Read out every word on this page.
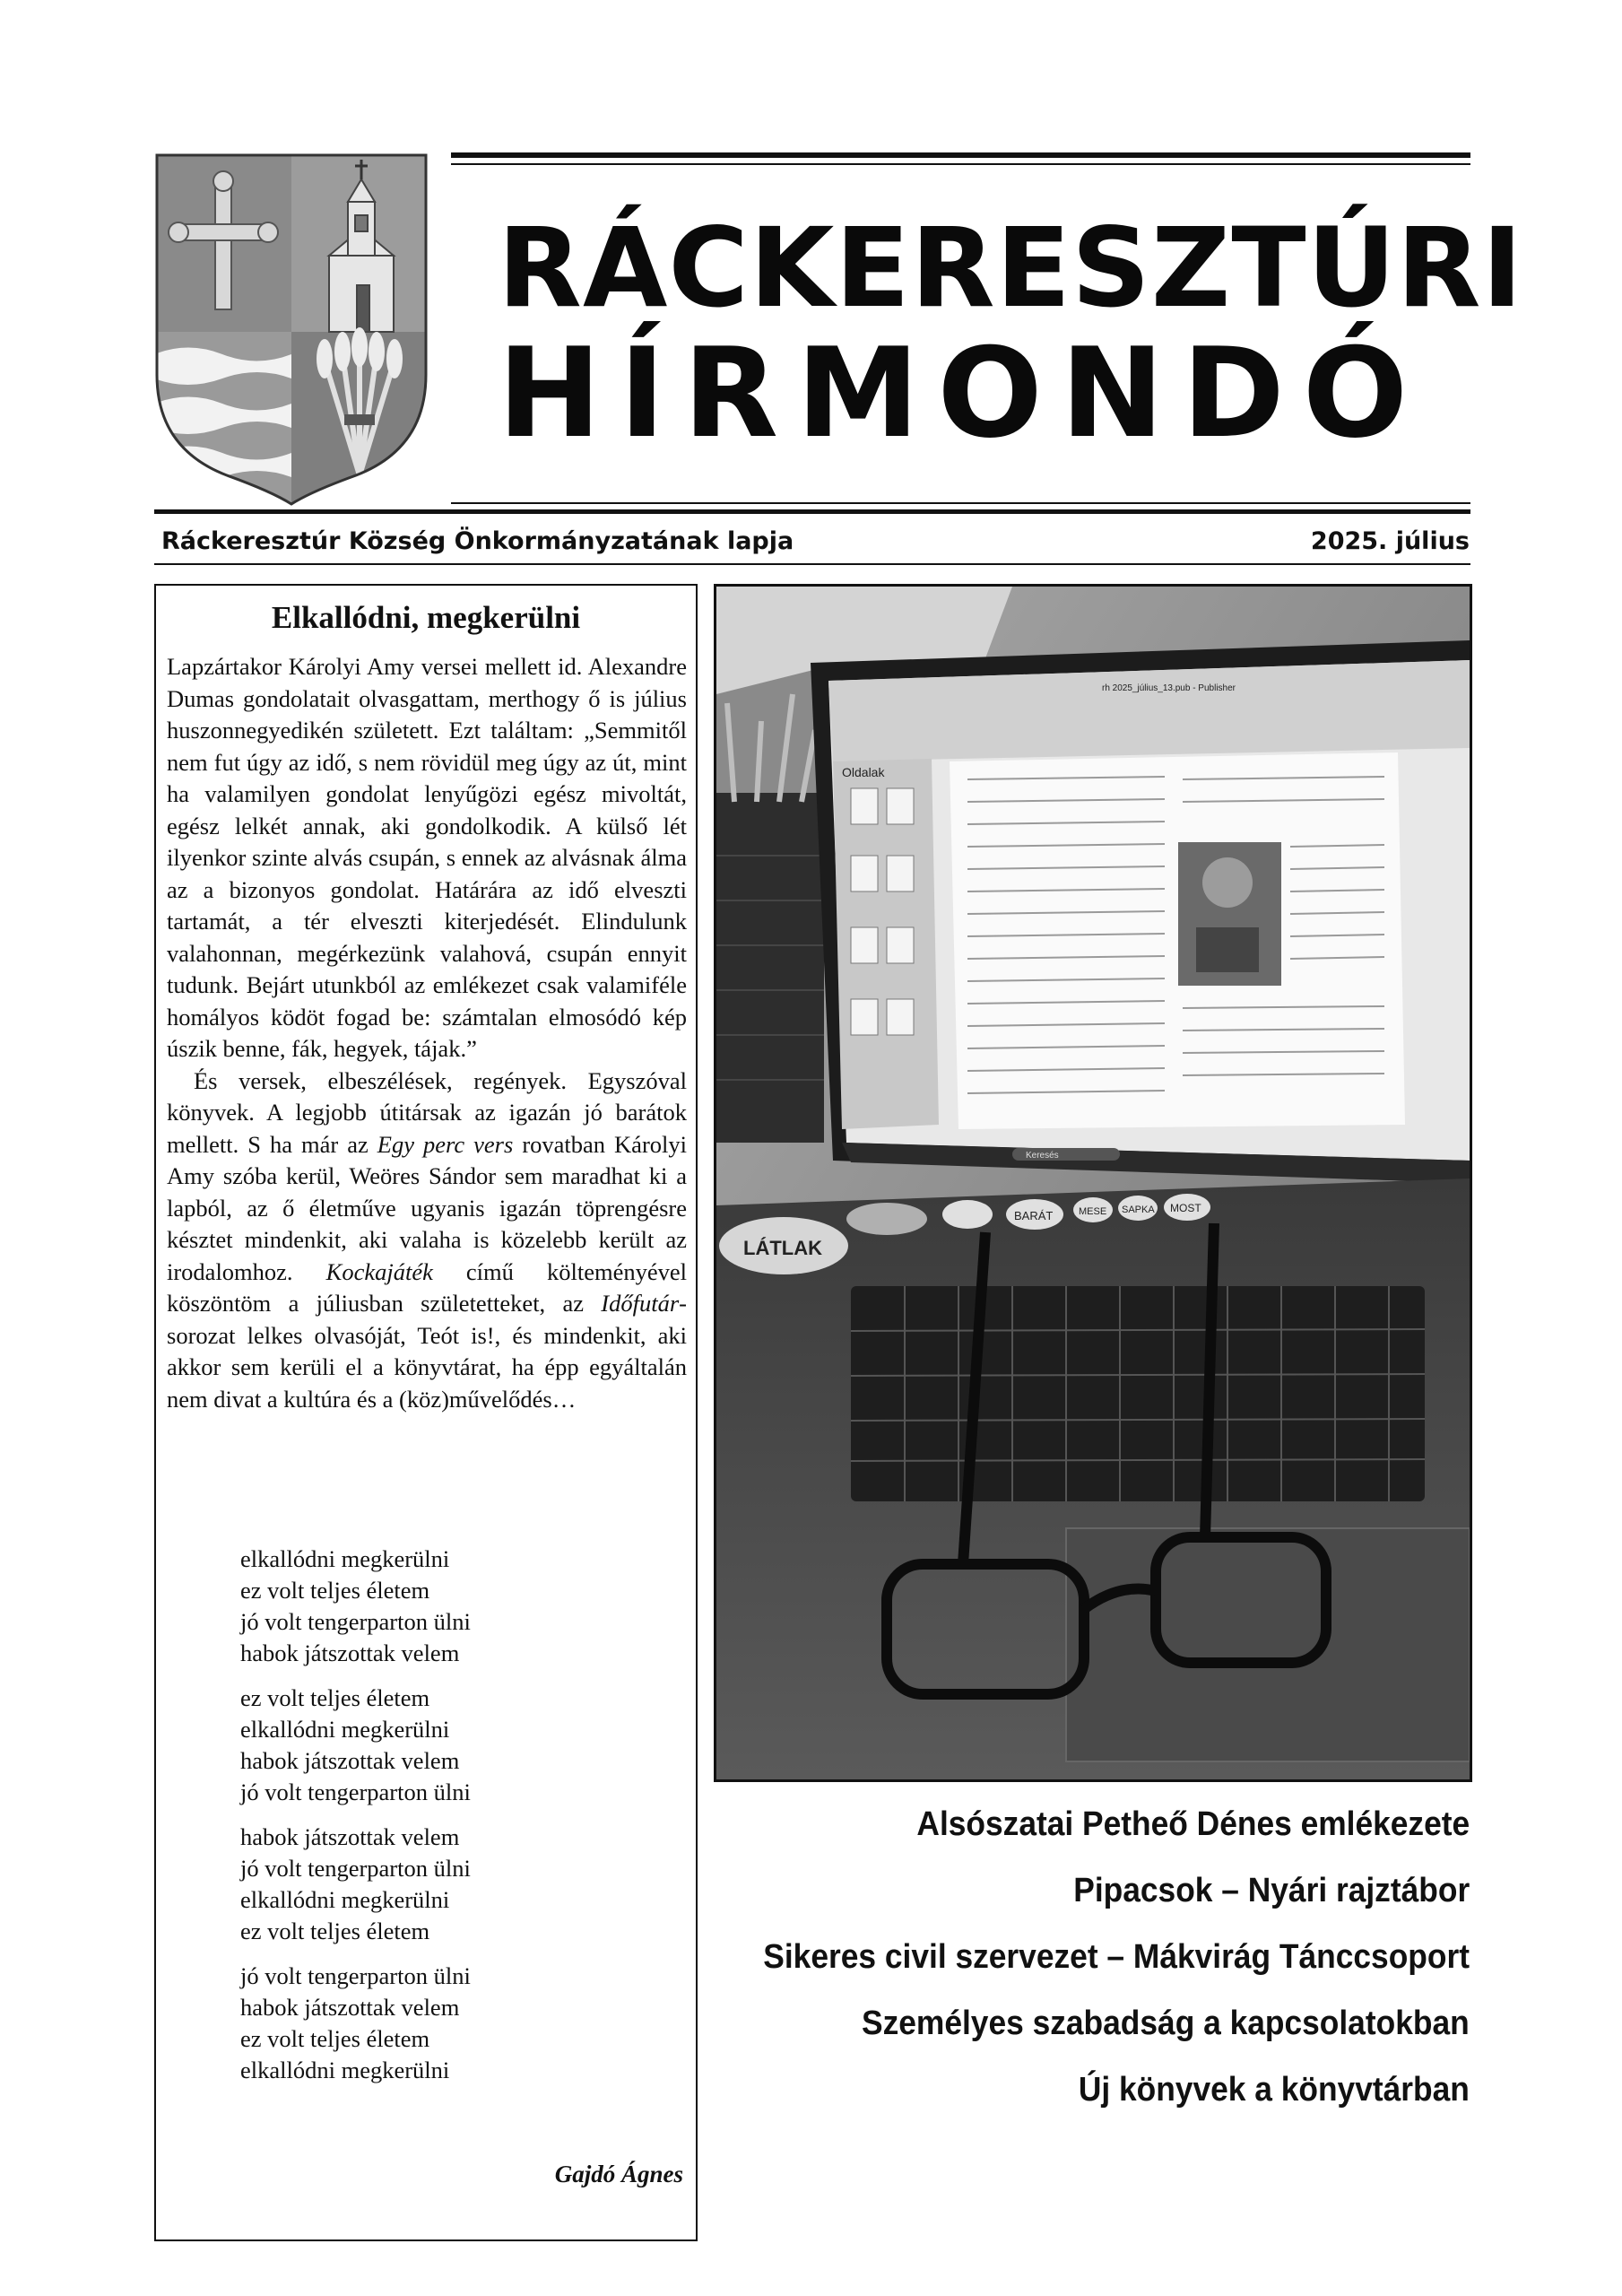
RÁCKERESZTÚRI
HÍRMONDÓ
Ráckeresztúr Község Önkormányzatának lapja	2025. július
Elkallódni, megkerülni

Lapzártakor Károlyi Amy versei mellett id. Alexandre Dumas gondolatait olvasgattam, merthogy ő is július huszonnegyedikén született. Ezt találtam: „Semmitől nem fut úgy az idő, s nem rövidül meg úgy az út, mint ha valamilyen gondolat lenyűgözi egész mivoltát, egész lelkét annak, aki gondolkodik. A külső lét ilyenkor szinte alvás csupán, s ennek az alvásnak álma az a bizonyos gondolat. Határára az idő elveszti tartamát, a tér elveszti kiterjedését. Elindulunk valahonnan, megérkezünk valahová, csupán ennyit tudunk. Bejárt utunkból az emlékezet csak valamiféle homályos ködöt fogad be: számtalan elmosódó kép úszik benne, fák, hegyek, tájak.”

És versek, elbeszélések, regények. Egyszóval könyvek. A legjobb útitársak az igazán jó barátok mellett. S ha már az Egy perc vers rovatban Károlyi Amy szóba kerül, Weöres Sándor sem maradhat ki a lapból, az ő életműve ugyanis igazán töprengésre késztet mindenkit, aki valaha is közelebb került az irodalomhoz. Kockajáték című költeményével köszöntöm a júliusban születetteket, az Időfutár-sorozat lelkes olvasóját, Teót is!, és mindenkit, aki akkor sem kerüli el a könyvtárat, ha épp egyáltalán nem divat a kultúra és a (köz)művelődés…

elkallódni megkerülni
ez volt teljes életem
jó volt tengerparton ülni
habok játszottak velem
ez volt teljes életem
elkallódni megkerülni
habok játszottak velem
jó volt tengerparton ülni
habok játszottak velem
jó volt tengerparton ülni
elkallódni megkerülni
ez volt teljes életem
jó volt tengerparton ülni
habok játszottak velem
ez volt teljes életem
elkallódni megkerülni
Gajdó Ágnes
rh 2025_július_13.pub - Publisher
Oldalak
Keresés
LÁTLAK
BARÁT	MESE SAPKA MOST
Alsószatai Petheő Dénes emlékezete
Pipacsok – Nyári rajztábor
Sikeres civil szervezet – Mákvirág Tánccsoport
Személyes szabadság a kapcsolatokban
Új könyvek a könyvtárban
